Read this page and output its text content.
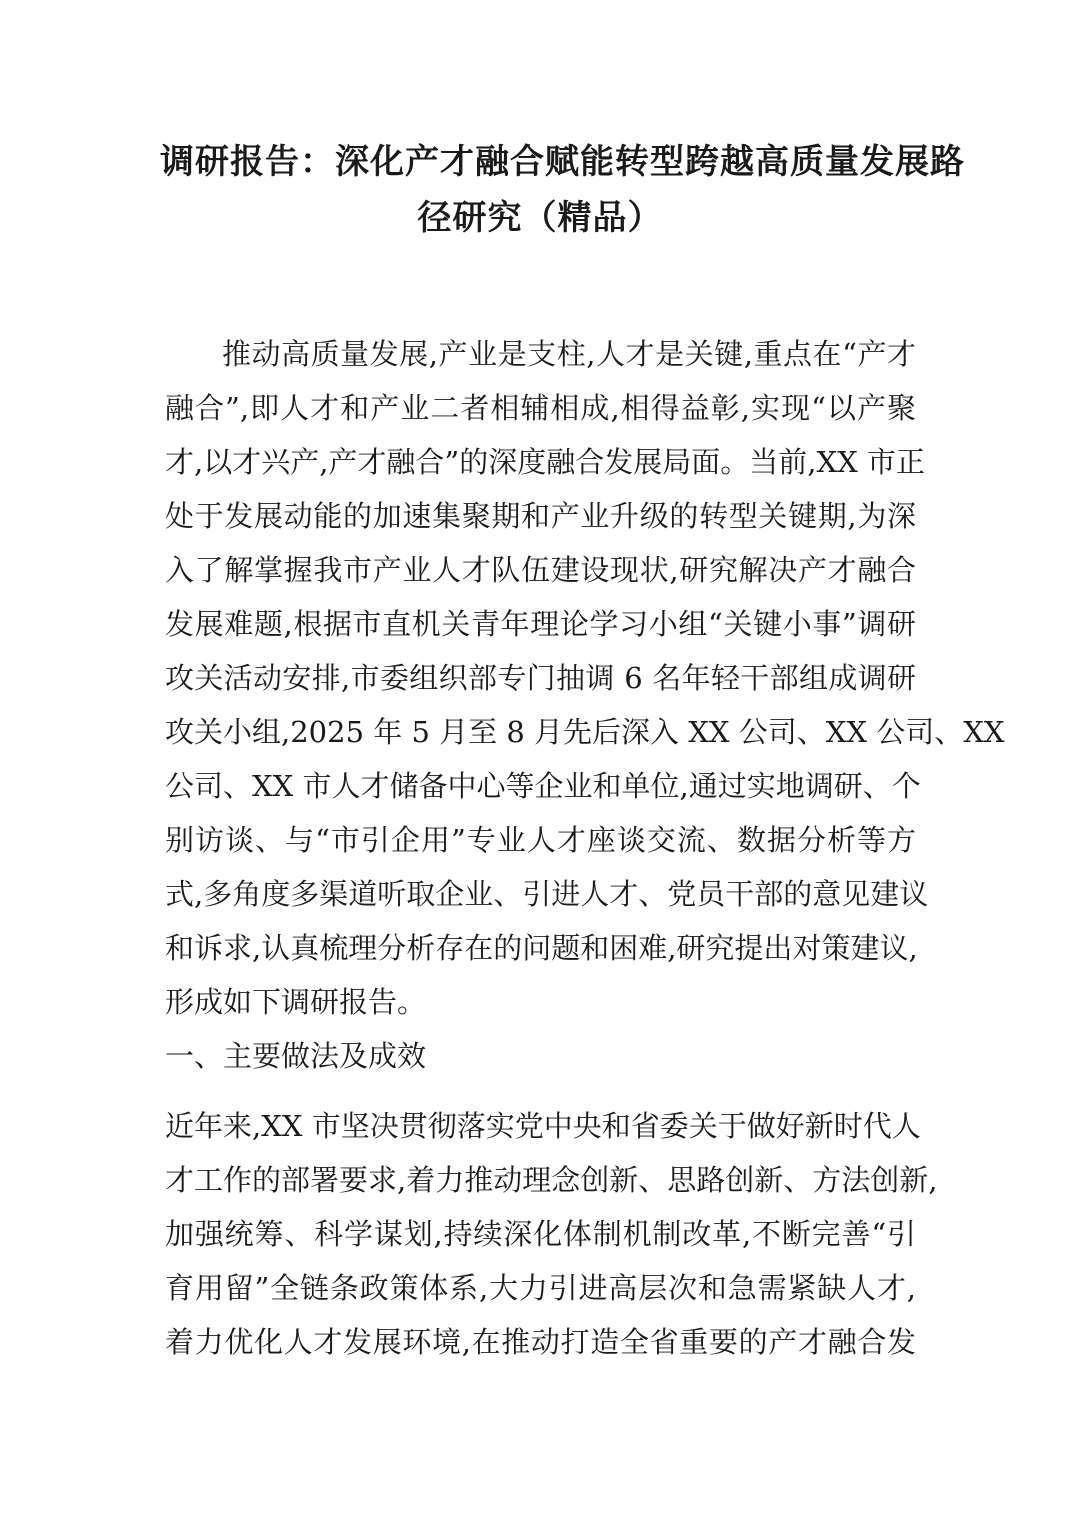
调研报告：深化产才融合赋能转型跨越高质量发展路
径研究（精品）
推动高质量发展,产业是支柱,人才是关键,重点在“产才
融合”,即人才和产业二者相辅相成,相得益彰,实现“以产聚
才,以才兴产,产才融合”的深度融合发展局面。当前,XX 市正
处于发展动能的加速集聚期和产业升级的转型关键期,为深
入了解掌握我市产业人才队伍建设现状,研究解决产才融合
发展难题,根据市直机关青年理论学习小组“关键小事”调研
攻关活动安排,市委组织部专门抽调 6 名年轻干部组成调研
攻关小组,2025 年 5 月至 8 月先后深入 XX 公司、XX 公司、XX
公司、XX 市人才储备中心等企业和单位,通过实地调研、个
别访谈、与“市引企用”专业人才座谈交流、数据分析等方
式,多角度多渠道听取企业、引进人才、党员干部的意见建议
和诉求,认真梳理分析存在的问题和困难,研究提出对策建议,
形成如下调研报告。
一、主要做法及成效
近年来,XX 市坚决贯彻落实党中央和省委关于做好新时代人
才工作的部署要求,着力推动理念创新、思路创新、方法创新,
加强统筹、科学谋划,持续深化体制机制改革,不断完善“引
育用留”全链条政策体系,大力引进高层次和急需紧缺人才,
着力优化人才发展环境,在推动打造全省重要的产才融合发
